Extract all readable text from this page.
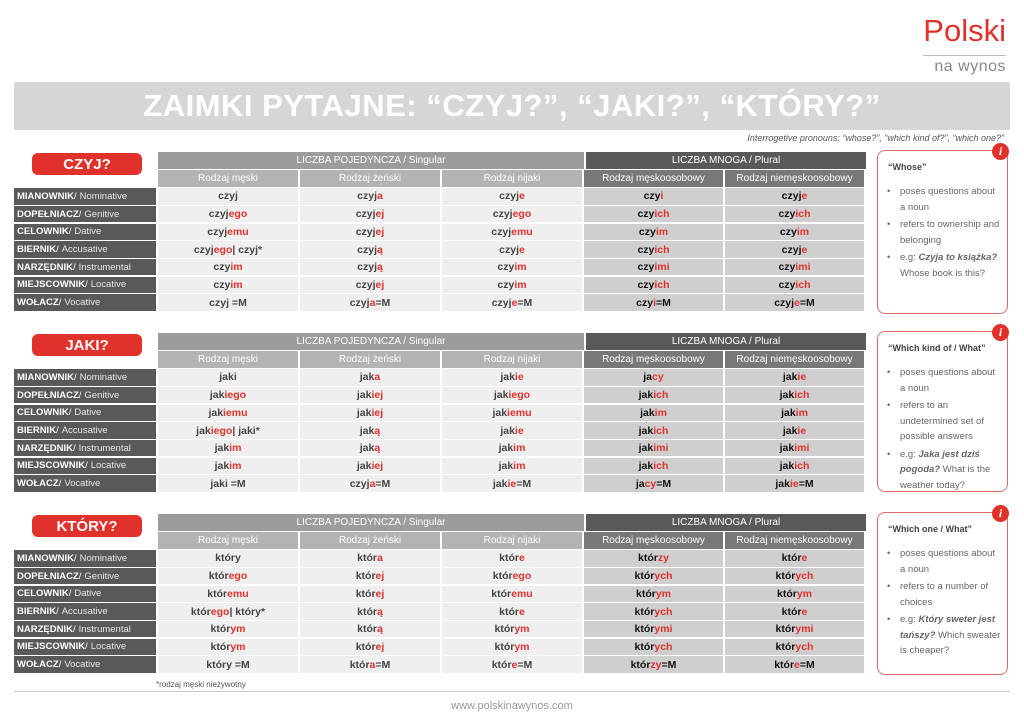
Polski
na wynos
ZAIMKI PYTAJNE: “CZYJ?”, “JAKI?”, “KTÓRY?”
Interrogetive pronouns: “whose?”, “which kind of?”, “which one?”
LICZBA POJEDYNCZA / Singular	LICZBA MNOGA / Plural
Rodzaj męski	Rodzaj żeński	Rodzaj nijaki	Rodzaj męskoosobowy	Rodzaj niemęskoosobowy
CZYJ?
MIANOWNIK / Nominative	czyj	czyj a	czyj e	czy i	czyj e
DOPEŁNIACZ / Genitive	czyj ego	czyj ej	czyj ego	czy ich	czy ich
CELOWNIK / Dative	czyj emu	czyj ej	czyj emu	czy im	czy im
BIERNIK / Accusative	czyj ego | czyj*	czyj ą	czyj e	czy ich	czyj e
NARZĘDNIK / Instrumental	czy im	czyj ą	czy im	czy imi	czy imi
MIEJSCOWNIK / Locative	czy im	czyj ej	czy im	czy ich	czy ich
WOŁACZ / Vocative	czyj =M	czyj a =M	czyj e =M	czy i =M	czyj e =M
i
“Whose”
• poses questions about a noun
• refers to ownership and belonging
• e.g: Czyja to książka? Whose book is this?
LICZBA POJEDYNCZA / Singular	LICZBA MNOGA / Plural
Rodzaj męski	Rodzaj żeński	Rodzaj nijaki	Rodzaj męskoosobowy	Rodzaj niemęskoosobowy
JAKI?
MIANOWNIK / Nominative	jaki	jak a	jak ie	ja cy	jak ie
DOPEŁNIACZ / Genitive	jak iego	jak iej	jak iego	jak ich	jak ich
CELOWNIK / Dative	jak iemu	jak iej	jak iemu	jak im	jak im
BIERNIK / Accusative	jak iego | jaki*	jak ą	jak ie	jak ich	jak ie
NARZĘDNIK / Instrumental	jak im	jak ą	jak im	jak imi	jak imi
MIEJSCOWNIK / Locative	jak im	jak iej	jak im	jak ich	jak ich
WOŁACZ / Vocative	jaki =M	czyj a =M	jak ie =M	ja cy =M	jak ie =M
i
“Which kind of / What”
• poses questions about a noun
• refers to an undetermined set of possible answers
• e.g: Jaka jest dziś pogoda? What is the weather today?
LICZBA POJEDYNCZA / Singular	LICZBA MNOGA / Plural
Rodzaj męski	Rodzaj żeński	Rodzaj nijaki	Rodzaj męskoosobowy	Rodzaj niemęskoosobowy
KTÓRY?
MIANOWNIK / Nominative	który	któr a	któr e	któr zy	któr e
DOPEŁNIACZ / Genitive	któr ego	któr ej	któr ego	któr ych	któr ych
CELOWNIK / Dative	któr emu	któr ej	któr emu	któr ym	któr ym
BIERNIK / Accusative	któr ego | który*	któr ą	któr e	któr ych	któr e
NARZĘDNIK / Instrumental	któr ym	któr ą	któr ym	któr ymi	któr ymi
MIEJSCOWNIK / Locative	któr ym	któr ej	któr ym	któr ych	któr ych
WOŁACZ / Vocative	który =M	któr a =M	któr e =M	któr zy =M	któr e =M
i
“Which one / What”
• poses questions about a noun
• refers to a number of choices
• e.g: Który sweter jest tańszy? Which sweater is cheaper?
*rodzaj męski nieżywotny
www.polskinawynos.com
